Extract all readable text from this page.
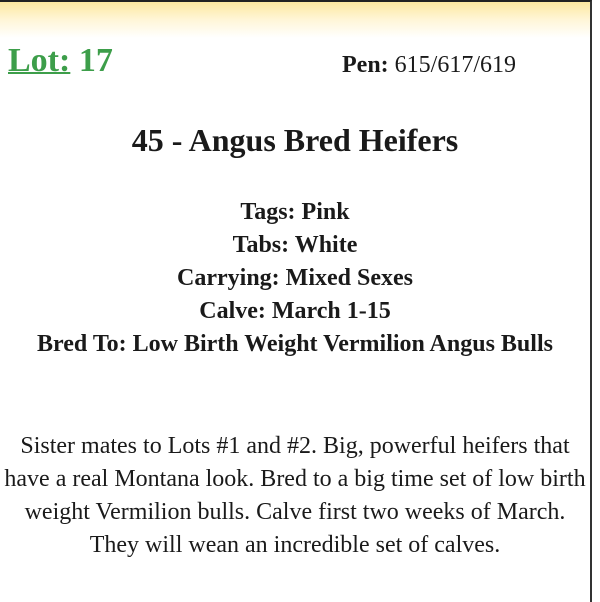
Lot: 17	Pen: 615/617/619
45 - Angus Bred Heifers
Tags: Pink
Tabs: White
Carrying: Mixed Sexes
Calve: March 1-15
Bred To: Low Birth Weight Vermilion Angus Bulls
Sister mates to Lots #1 and #2. Big, powerful heifers that have a real Montana look. Bred to a big time set of low birth weight Vermilion bulls. Calve first two weeks of March. They will wean an incredible set of calves.
